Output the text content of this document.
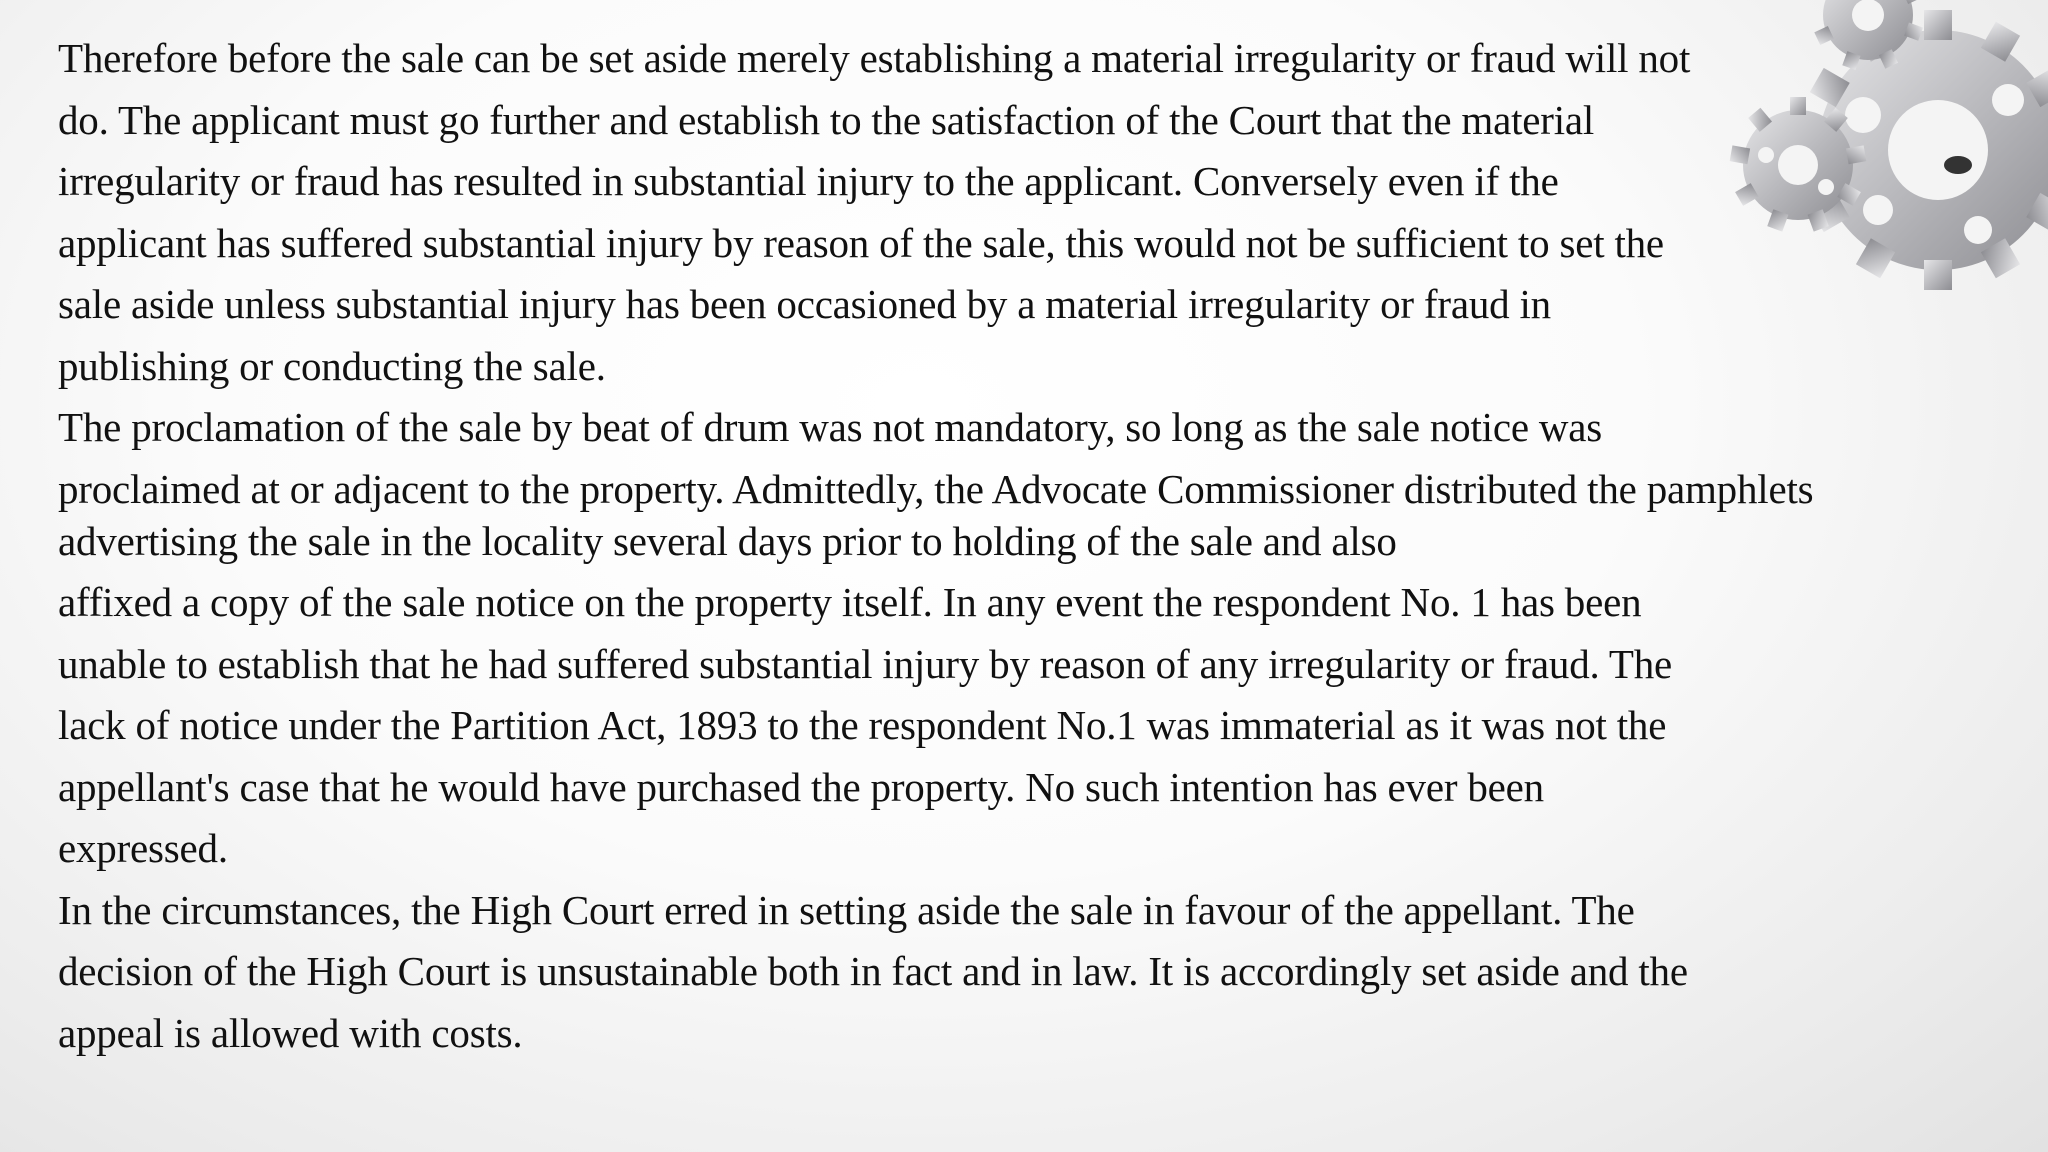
Therefore before the sale can be set aside merely establishing a material irregularity or fraud will not
do. The applicant must go further and establish to the satisfaction of the Court that the material
irregularity or fraud has resulted in substantial injury to the applicant. Conversely even if the
applicant has suffered substantial injury by reason of the sale, this would not be sufficient to set the
sale aside unless substantial injury has been occasioned by a material irregularity or fraud in
publishing or conducting the sale.
The proclamation of the sale by beat of drum was not mandatory, so long as the sale notice was
proclaimed at or adjacent to the property. Admittedly, the Advocate Commissioner distributed the pamphlets
advertising the sale in the locality several days prior to holding of the sale and also
affixed a copy of the sale notice on the property itself. In any event the respondent No. 1 has been
unable to establish that he had suffered substantial injury by reason of any irregularity or fraud. The
lack of notice under the Partition Act, 1893 to the respondent No.1 was immaterial as it was not the
appellant's case that he would have purchased the property. No such intention has ever been
expressed.
In the circumstances, the High Court erred in setting aside the sale in favour of the appellant. The
decision of the High Court is unsustainable both in fact and in law. It is accordingly set aside and the
appeal is allowed with costs.
